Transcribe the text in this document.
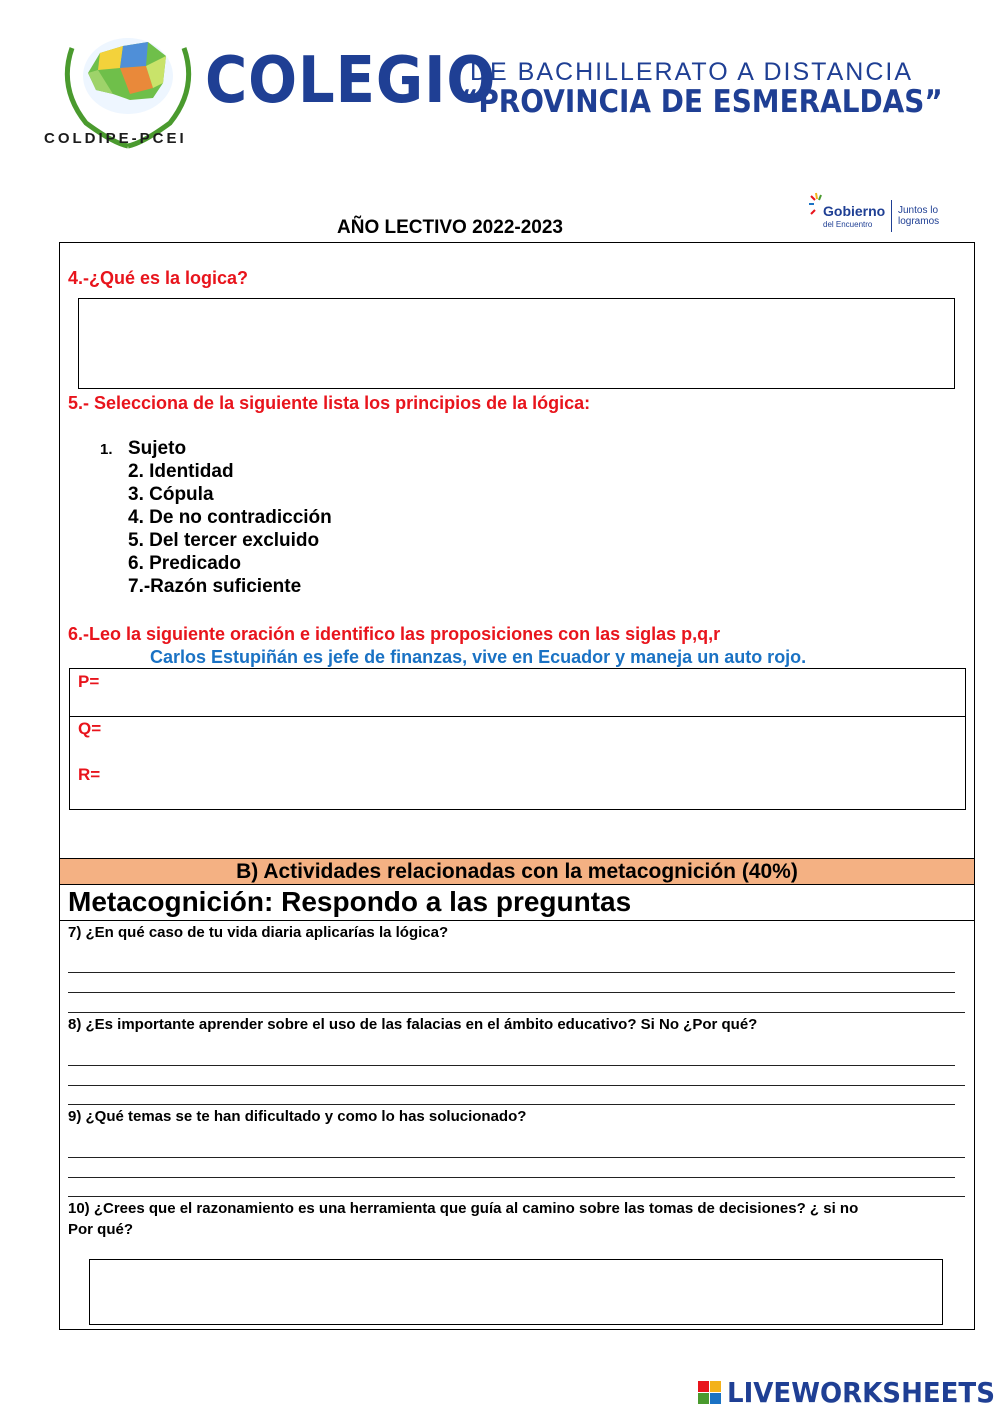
COLDIPE-PCEI
COLEGIO
DE BACHILLERATO A DISTANCIA
“PROVINCIA DE ESMERALDAS”
Gobierno
del Encuentro
Juntos lo logramos
AÑO LECTIVO 2022-2023
4.-¿Qué es la logica?
5.- Selecciona de la siguiente lista los principios de la lógica:
1. Sujeto
2. Identidad
3. Cópula
4. De no contradicción
5. Del tercer excluido
6. Predicado
7.-Razón suficiente
6.-Leo la siguiente oración e identifico las proposiciones con las siglas p,q,r
Carlos Estupiñán es jefe de finanzas, vive en Ecuador y maneja un auto rojo.
P=
Q=
R=
B) Actividades relacionadas con la metacognición (40%)
Metacognición: Respondo a las preguntas
7) ¿En qué caso de tu vida diaria aplicarías la lógica?
8) ¿Es importante aprender sobre el uso de las falacias en el ámbito educativo? Si No ¿Por qué?
9) ¿Qué temas se te han dificultado y como lo has solucionado?
10) ¿Crees que el razonamiento es una herramienta que guía al camino sobre las tomas de decisiones? ¿ si no
Por qué?
LIVEWORKSHEETS
